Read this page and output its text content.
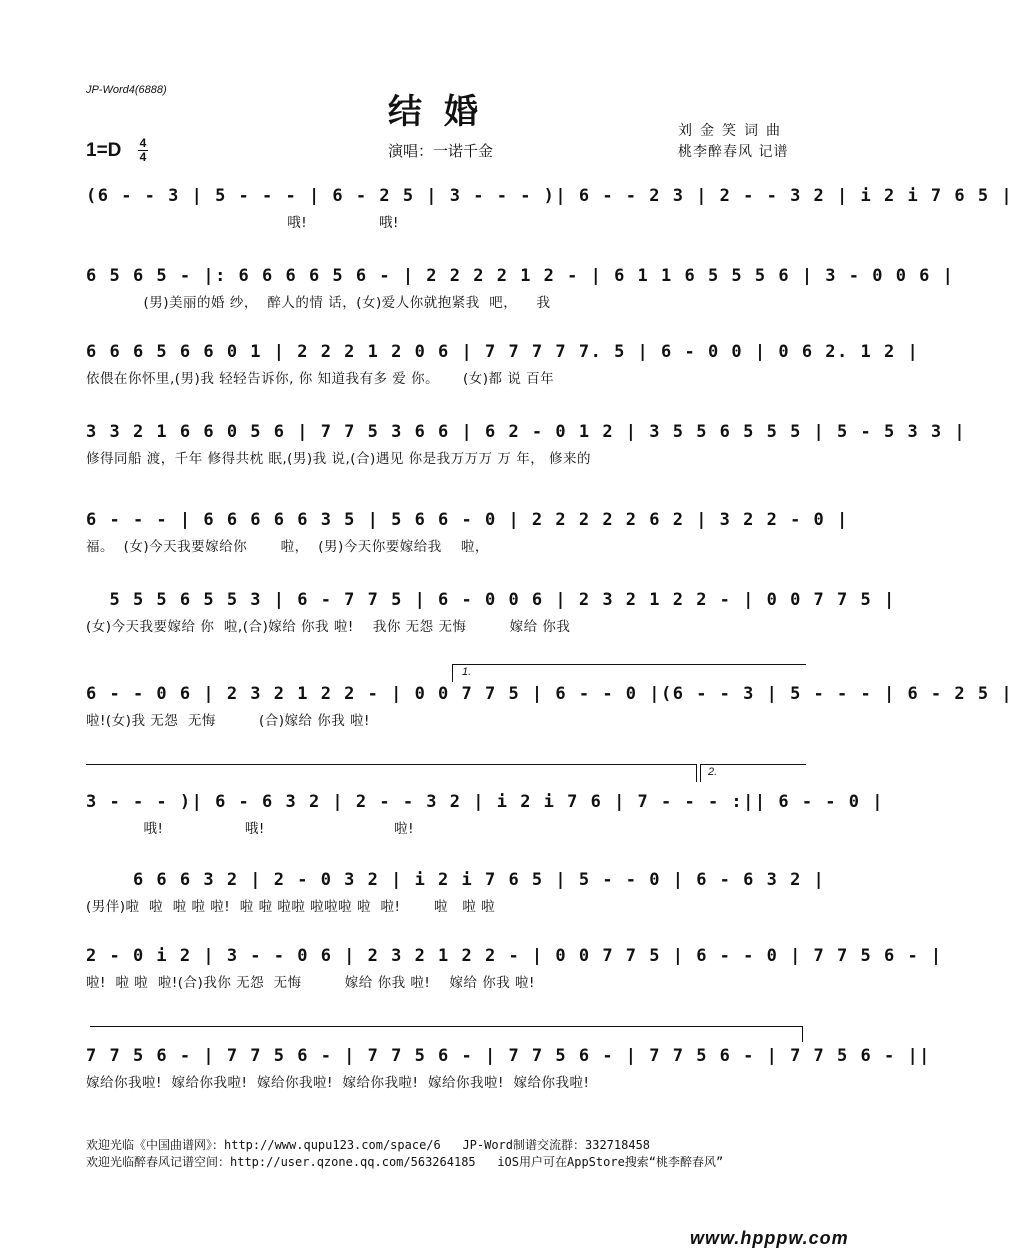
JP-Word4(6888)
结婚
1=D 4
4	演唱：一诺千金
刘金笑词曲
桃李醉春风 记谱
(6 - - 3 | 5 - - - | 6 - 2 5 | 3 - - - )| 6 - - 2 3 | 2 - - 3 2 | i 2 i 7 6 5 |
哦!               哦!
6 5 6 5 - |: 6 6 6 6 5 6 - | 2 2 2 2 1 2 - | 6 1 1 6 5 5 5 6 | 3 - 0 0 6 |
(男)美丽的婚 纱，  醉人的情 话，(女)爱人你就抱紧我  吧，    我
6 6 6 5 6 6 0 1 | 2 2 2 1 2 0 6 | 7 7 7 7 7. 5 | 6 - 0 0 | 0 6 2. 1 2 |
依偎在你怀里,(男)我 轻轻告诉你, 你 知道我有多 爱 你。     (女)都 说 百年
3 3 2 1 6 6 0 5 6 | 7 7 5 3 6 6 | 6 2 - 0 1 2 | 3 5 5 6 5 5 5 | 5 - 5 3 3 |
修得同船 渡，千年 修得共枕 眠,(男)我 说,(合)遇见 你是我万万万 万 年， 修来的
6 - - - | 6 6 6 6 6 3 5 | 5 6 6 - 0 | 2 2 2 2 2 6 2 | 3 2 2 - 0 |
福。  (女)今天我要嫁给你       啦，  (男)今天你要嫁给我    啦，
5 5 5 6 5 5 3 | 6 - 7 7 5 | 6 - 0 0 6 | 2 3 2 1 2 2 - | 0 0 7 7 5 |
(女)今天我要嫁给 你  啦,(合)嫁给 你我 啦!    我你 无怨 无悔         嫁给 你我
1.
6 - - 0 6 | 2 3 2 1 2 2 - | 0 0 7 7 5 | 6 - - 0 |(6 - - 3 | 5 - - - | 6 - 2 5 |
啦!(女)我 无怨  无悔         (合)嫁给 你我 啦!
2.
3 - - - )| 6 - 6 3 2 | 2 - - 3 2 | i 2 i 7 6 | 7 - - - :|| 6 - - 0 |
哦!                 哦!                           啦!
6 6 6 3 2 | 2 - 0 3 2 | i 2 i 7 6 5 | 5 - - 0 | 6 - 6 3 2 |
(男伴)啦  啦  啦 啦 啦!  啦 啦 啦啦 啦啦啦 啦  啦!       啦   啦 啦
2 - 0 i 2 | 3 - - 0 6 | 2 3 2 1 2 2 - | 0 0 7 7 5 | 6 - - 0 | 7 7 5 6 - |
啦!  啦 啦  啦!(合)我你 无怨  无悔         嫁给 你我 啦!    嫁给 你我 啦!
7 7 5 6 - | 7 7 5 6 - | 7 7 5 6 - | 7 7 5 6 - | 7 7 5 6 - | 7 7 5 6 - ||
嫁给你我啦!  嫁给你我啦!  嫁给你我啦!  嫁给你我啦!  嫁给你我啦!  嫁给你我啦!
欢迎光临《中国曲谱网》：http://www.qupu123.com/space/6 JP-Word制谱交流群：332718458
欢迎光临醉春风记谱空间：http://user.qzone.qq.com/563264185 iOS用户可在AppStore搜索“桃李醉春风”
www.hpppw.com
